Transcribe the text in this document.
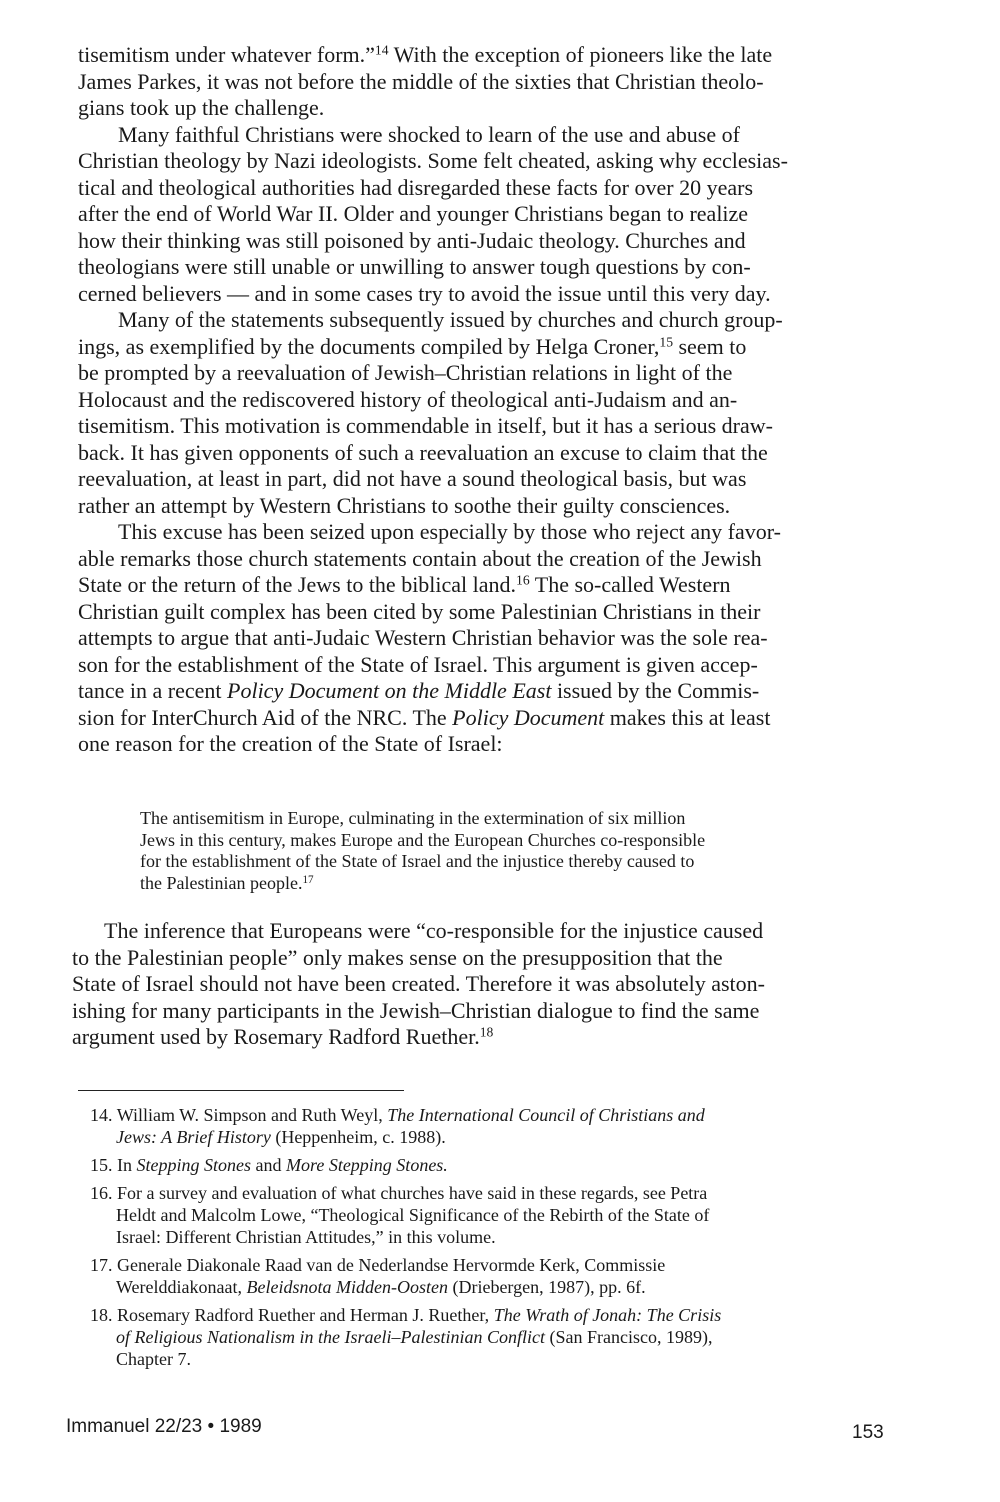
tisemitism under whatever form.”$^{14}$ With the exception of pioneers like the late
James Parkes, it was not before the middle of the sixties that Christian theolo-
gians took up the challenge.
Many faithful Christians were shocked to learn of the use and abuse of
Christian theology by Nazi ideologists. Some felt cheated, asking why ecclesias-
tical and theological authorities had disregarded these facts for over 20 years
after the end of World War II. Older and younger Christians began to realize
how their thinking was still poisoned by anti-Judaic theology. Churches and
theologians were still unable or unwilling to answer tough questions by con-
cerned believers — and in some cases try to avoid the issue until this very day.
Many of the statements subsequently issued by churches and church group-
ings, as exemplified by the documents compiled by Helga Croner,$^{15}$ seem to
be prompted by a reevaluation of Jewish–Christian relations in light of the
Holocaust and the rediscovered history of theological anti-Judaism and an-
tisemitism. This motivation is commendable in itself, but it has a serious draw-
back. It has given opponents of such a reevaluation an excuse to claim that the
reevaluation, at least in part, did not have a sound theological basis, but was
rather an attempt by Western Christians to soothe their guilty consciences.
This excuse has been seized upon especially by those who reject any favor-
able remarks those church statements contain about the creation of the Jewish
State or the return of the Jews to the biblical land.$^{16}$ The so-called Western
Christian guilt complex has been cited by some Palestinian Christians in their
attempts to argue that anti-Judaic Western Christian behavior was the sole rea-
son for the establishment of the State of Israel. This argument is given accep-
tance in a recent Policy Document on the Middle East issued by the Commis-
sion for InterChurch Aid of the NRC. The Policy Document makes this at least
one reason for the creation of the State of Israel:
The antisemitism in Europe, culminating in the extermination of six million
Jews in this century, makes Europe and the European Churches co-responsible
for the establishment of the State of Israel and the injustice thereby caused to
the Palestinian people.$^{17}$
The inference that Europeans were “co-responsible for the injustice caused
to the Palestinian people” only makes sense on the presupposition that the
State of Israel should not have been created. Therefore it was absolutely aston-
ishing for many participants in the Jewish–Christian dialogue to find the same
argument used by Rosemary Radford Ruether.$^{18}$
14. William W. Simpson and Ruth Weyl, The International Council of Christians and
Jews: A Brief History (Heppenheim, c. 1988).
15. In Stepping Stones and More Stepping Stones.
16. For a survey and evaluation of what churches have said in these regards, see Petra
Heldt and Malcolm Lowe, “Theological Significance of the Rebirth of the State of
Israel: Different Christian Attitudes,” in this volume.
17. Generale Diakonale Raad van de Nederlandse Hervormde Kerk, Commissie
Werelddiakonaat, Beleidsnota Midden-Oosten (Driebergen, 1987), pp. 6f.
18. Rosemary Radford Ruether and Herman J. Ruether, The Wrath of Jonah: The Crisis
of Religious Nationalism in the Israeli–Palestinian Conflict (San Francisco, 1989),
Chapter 7.
Immanuel 22/23 • 1989	153
